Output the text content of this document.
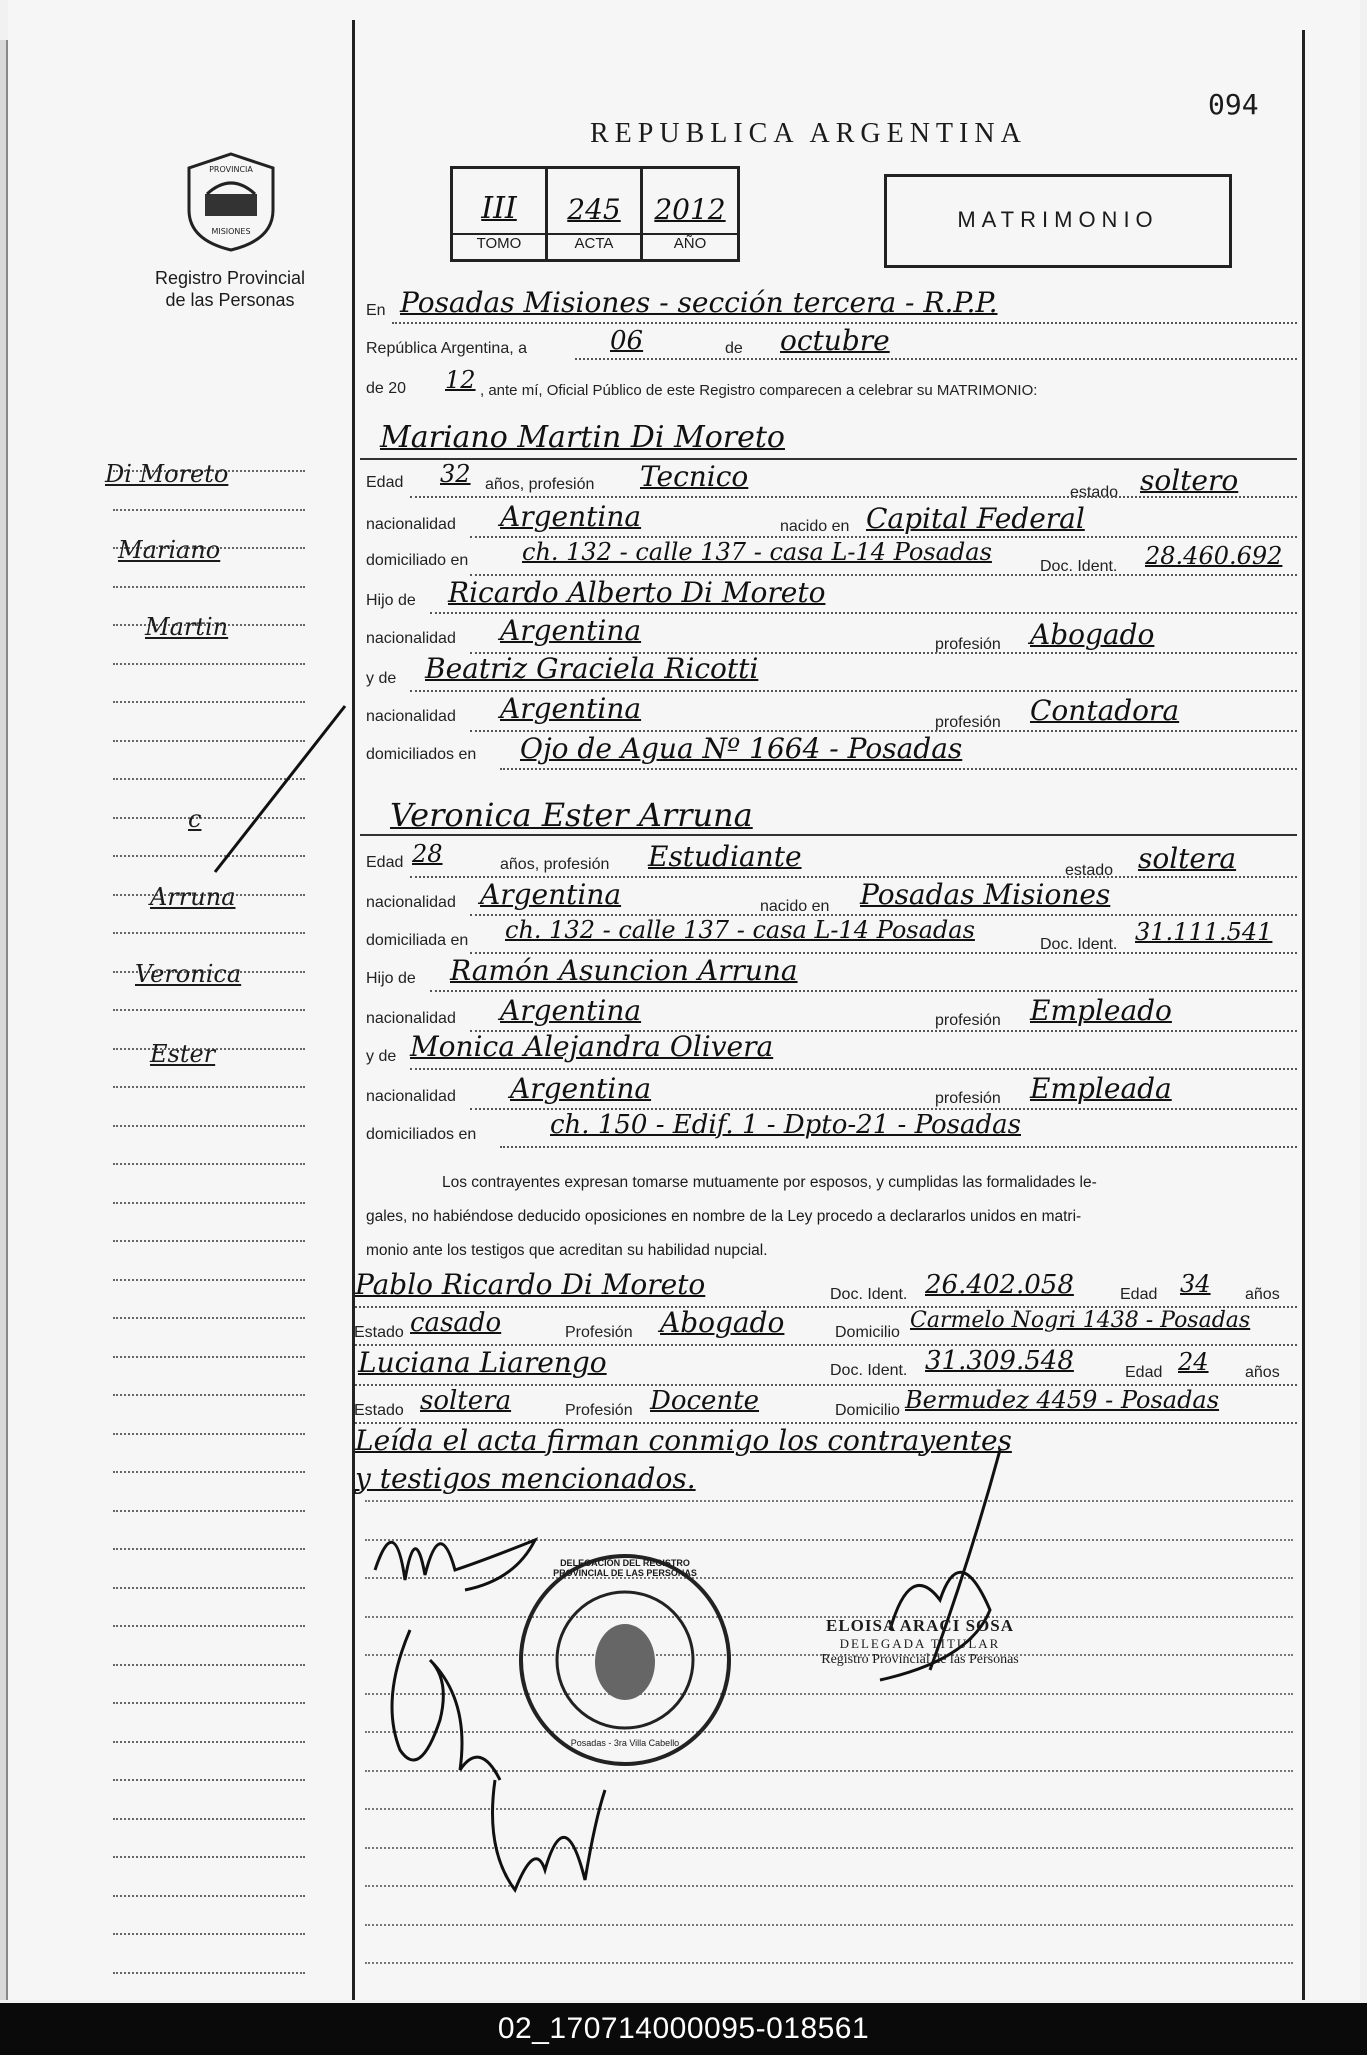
094
REPUBLICA ARGENTINA
PROVINCIA
MISIONES
Registro Provincial
de las Personas
III
TOMO
245
ACTA
2012
AÑO
MATRIMONIO
Di Moreto
Mariano
Martin
c
Arruna
Veronica
Ester
En Posadas Misiones - sección tercera - R.P.P.
República Argentina, a	06	de octubre
de 20 12 , ante mí, Oficial Público de este Registro comparecen a celebrar su MATRIMONIO:
Mariano Martin Di Moreto
Edad 32 años, profesión Tecnico	estado soltero
nacionalidad Argentina	nacido en Capital Federal
domiciliado en ch. 132 - calle 137 - casa L-14 Posadas
Doc. Ident. 28.460.692
Hijo de Ricardo Alberto Di Moreto
nacionalidad Argentina	profesión Abogado
y de Beatriz Graciela Ricotti
nacionalidad Argentina	profesión Contadora
domiciliados en Ojo de Agua Nº 1664 - Posadas
Veronica Ester Arruna
Edad 28	años, profesión Estudiante	estado soltera
nacionalidad Argentina	nacido en Posadas Misiones
domiciliada en ch. 132 - calle 137 - casa L-14 Posadas
Doc. Ident. 31.111.541
Hijo de Ramón Asuncion Arruna
nacionalidad Argentina	profesión Empleado
y de Monica Alejandra Olivera
nacionalidad Argentina	profesión Empleada
domiciliados en	ch. 150 - Edif. 1 - Dpto-21 - Posadas
Los contrayentes expresan tomarse mutuamente por esposos, y cumplidas las formalidades le-
gales, no habiéndose deducido oposiciones en nombre de la Ley procedo a declararlos unidos en matri-
monio ante los testigos que acreditan su habilidad nupcial.
Pablo Ricardo Di Moreto	Doc. Ident. 26.402.058	Edad 34 años
Estado casado	Profesión Abogado	Domicilio Carmelo Nogri 1438 - Posadas
Luciana Liarengo	Doc. Ident. 31.309.548	Edad 24 años
Estado soltera	Profesión Docente	Domicilio Bermudez 4459 - Posadas
Leída el acta firman conmigo los contrayentes
y testigos mencionados.
DELEGACION DEL REGISTRO PROVINCIAL DE LAS PERSONAS
Posadas - 3ra Villa Cabello
ELOISA ARACI SOSA
DELEGADA TITULAR
Registro Provincial de las Personas
02_170714000095-018561
